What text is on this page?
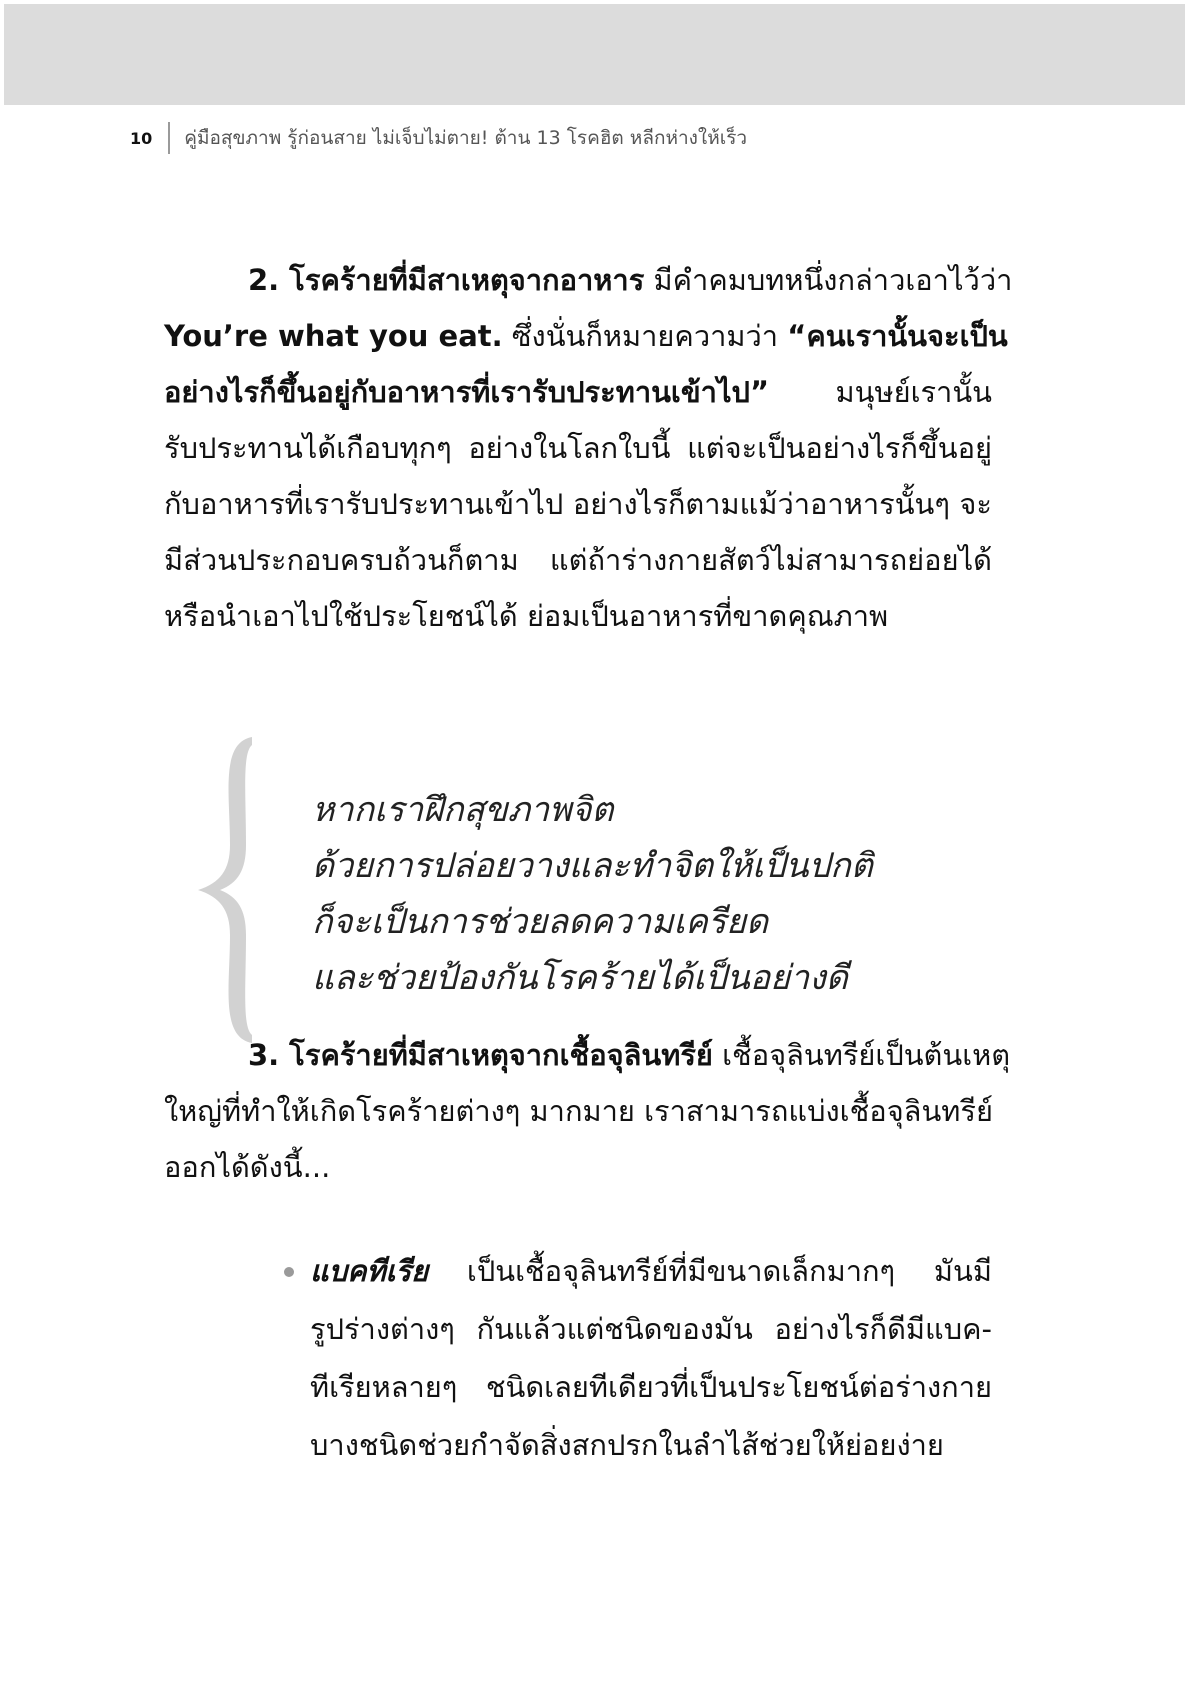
10 คู่มือสุขภาพ รู้ก่อนสาย ไม่เจ็บไม่ตาย! ต้าน 13 โรคฮิต หลีกห่างให้เร็ว

2. โรคร้ายที่มีสาเหตุจากอาหาร มีคำคมบทหนึ่งกล่าวเอาไว้ว่า

You’re what you eat. ซึ่งนั่นก็หมายความว่า “คนเรานั้นจะเป็น

อย่างไรก็ขึ้นอยู่กับอาหารที่เรารับประทานเข้าไป” มนุษย์เรานั้น

รับประทานได้เกือบทุกๆ อย่างในโลกใบนี้ แต่จะเป็นอย่างไรก็ขึ้นอยู่

กับอาหารที่เรารับประทานเข้าไป อย่างไรก็ตามแม้ว่าอาหารนั้นๆ จะ

มีส่วนประกอบครบถ้วนก็ตาม แต่ถ้าร่างกายสัตว์ไม่สามารถย่อยได้

หรือนำเอาไปใช้ประโยชน์ได้ ย่อมเป็นอาหารที่ขาดคุณภาพ

หากเราฝึกสุขภาพจิต

ด้วยการปล่อยวางและทำจิตให้เป็นปกติ

ก็จะเป็นการช่วยลดความเครียด

และช่วยป้องกันโรคร้ายได้เป็นอย่างดี

3. โรคร้ายที่มีสาเหตุจากเชื้อจุลินทรีย์ เชื้อจุลินทรีย์เป็นต้นเหตุ

ใหญ่ที่ทำให้เกิดโรคร้ายต่างๆ มากมาย เราสามารถแบ่งเชื้อจุลินทรีย์

ออกได้ดังนี้...

แบคทีเรีย เป็นเชื้อจุลินทรีย์ที่มีขนาดเล็กมากๆ มันมี

รูปร่างต่างๆ กันแล้วแต่ชนิดของมัน อย่างไรก็ดีมีแบค-

ทีเรียหลายๆ ชนิดเลยทีเดียวที่เป็นประโยชน์ต่อร่างกาย

บางชนิดช่วยกำจัดสิ่งสกปรกในลำไส้ช่วยให้ย่อยง่าย
